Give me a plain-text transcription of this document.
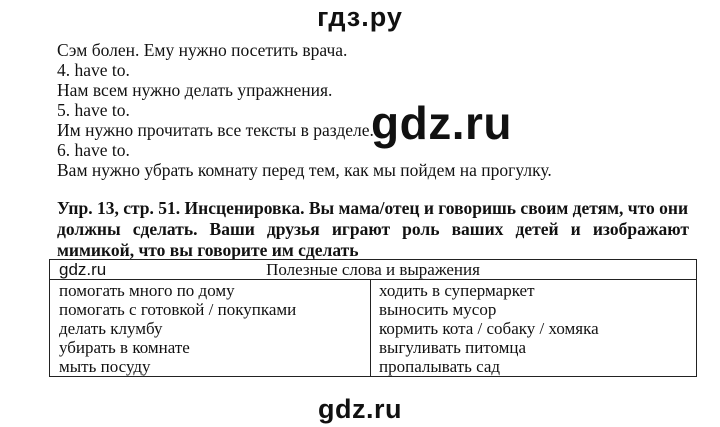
гдз.ру
Сэм болен. Ему нужно посетить врача.
4. have to.
Нам всем нужно делать упражнения.
5. have to.
Им нужно прочитать все тексты в разделе.
6. have to.
Вам нужно убрать комнату перед тем, как мы пойдем на прогулку.
gdz.ru
Упр. 13, стр. 51. Инсценировка. Вы мама/отец и говоришь своим детям, что они
должны сделать. Ваши друзья играют роль ваших детей и изображают
мимикой, что вы говорите им сделать
Полезные слова и выражения
gdz.ru
помогать много по дому
помогать с готовкой / покупками
делать клумбу
убирать в комнате
мыть посуду
ходить в супермаркет
выносить мусор
кормить кота / собаку / хомяка
выгуливать питомца
пропалывать сад
gdz.ru
